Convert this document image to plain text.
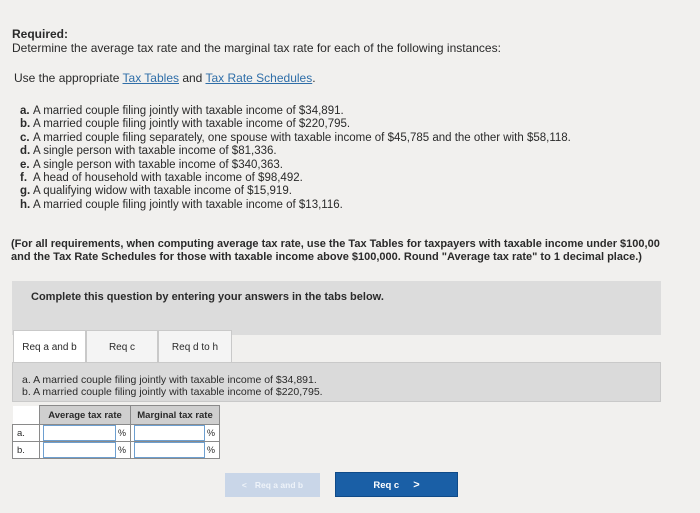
Required:
Determine the average tax rate and the marginal tax rate for each of the following instances:
Use the appropriate Tax Tables and Tax Rate Schedules.
a. A married couple filing jointly with taxable income of $34,891.
b. A married couple filing jointly with taxable income of $220,795.
c. A married couple filing separately, one spouse with taxable income of $45,785 and the other with $58,118.
d. A single person with taxable income of $81,336.
e. A single person with taxable income of $340,363.
f. A head of household with taxable income of $98,492.
g. A qualifying widow with taxable income of $15,919.
h. A married couple filing jointly with taxable income of $13,116.
(For all requirements, when computing average tax rate, use the Tax Tables for taxpayers with taxable income under $100,00
and the Tax Rate Schedules for those with taxable income above $100,000. Round "Average tax rate" to 1 decimal place.)
Complete this question by entering your answers in the tabs below.
Req a and b	Req c	Req d to h
a. A married couple filing jointly with taxable income of $34,891.
b. A married couple filing jointly with taxable income of $220,795.
	Average tax rate	Marginal tax rate
a.	%	%

b.	%	%
< Req a and b	Req c >
